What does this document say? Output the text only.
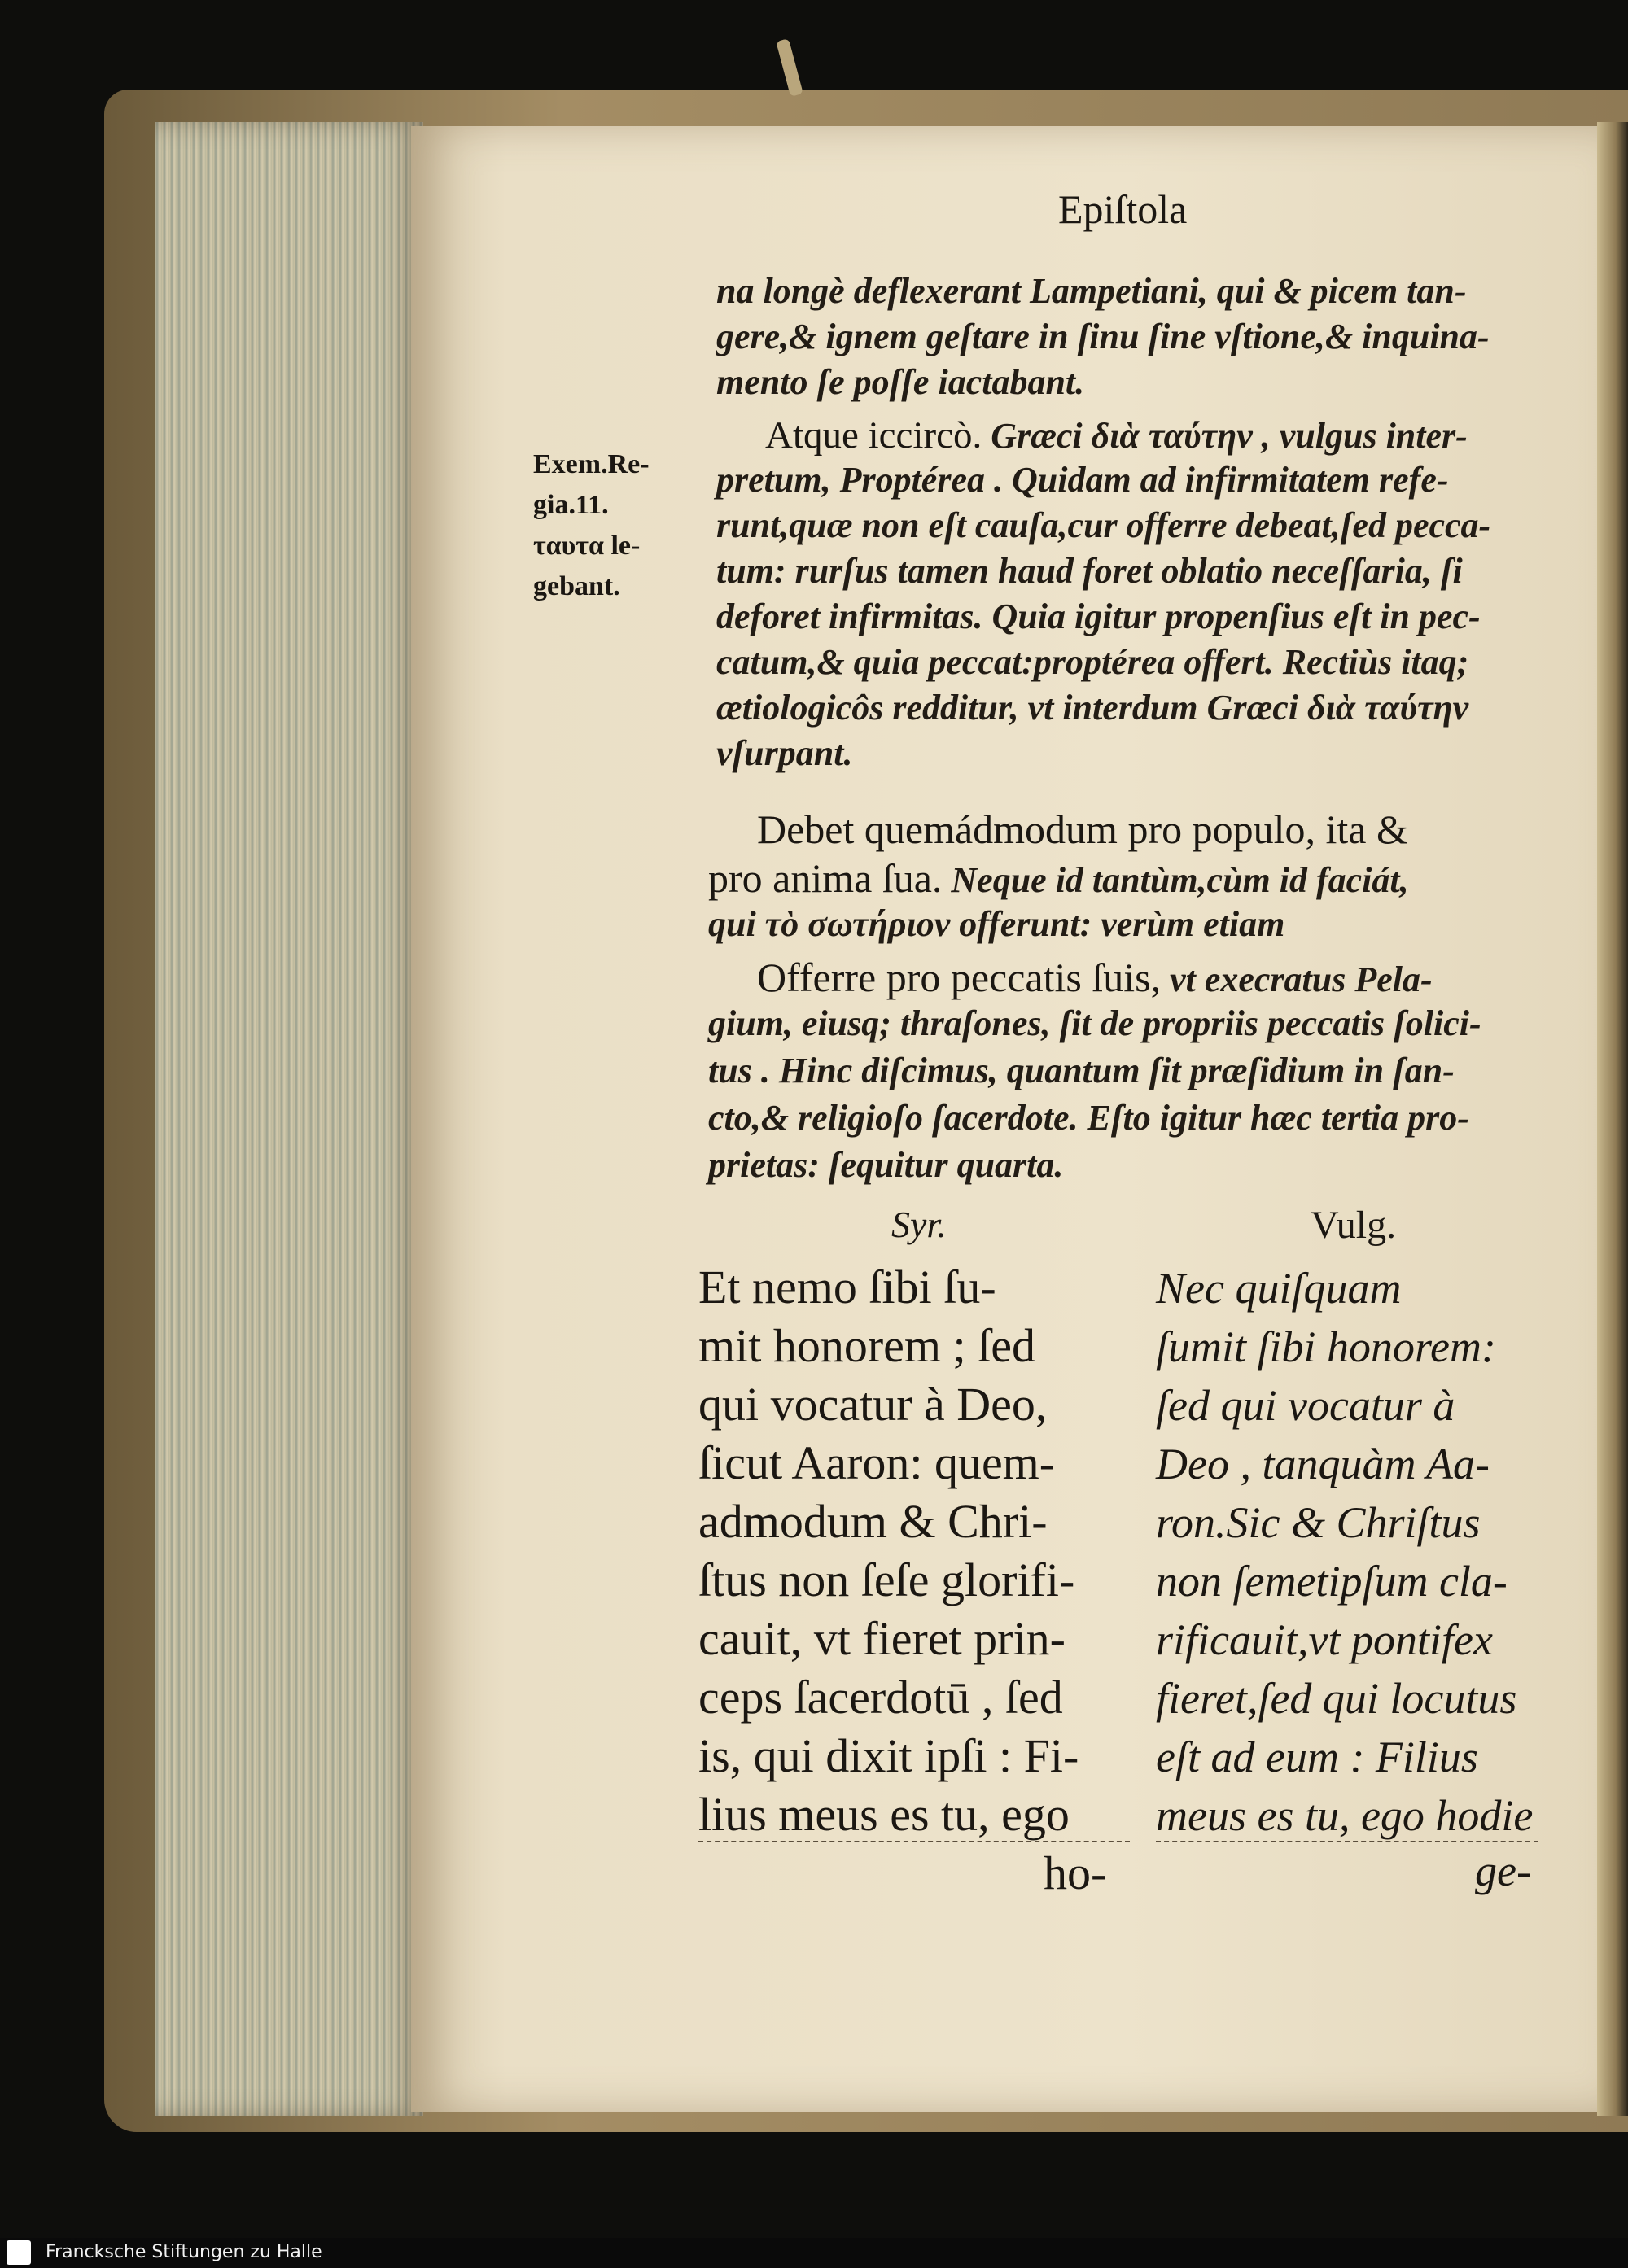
Epiſtola
na longè deflexerant Lampetiani, qui & picem tan-
gere,& ignem geſtare in ſinu ſine vſtione,& inquina-
mento ſe poſſe iactabant.
Atque iccircò. Græci διὰ ταύτην , vulgus inter-
pretum, Proptérea . Quidam ad infirmitatem refe-
runt,quæ non eſt cauſa,cur offerre debeat,ſed pecca-
tum: rurſus tamen haud foret oblatio neceſſaria, ſi
deforet infirmitas. Quia igitur propenſius eſt in pec-
catum,& quia peccat:proptérea offert. Rectiùs itaq;
ætiologicôs redditur, vt interdum Græci διὰ ταύτην
vſurpant.
Exem.Re-
gia.11.
ταυτα le-
gebant.
Debet quemádmodum pro populo, ita &
pro anima ſua. Neque id tantùm,cùm id faciát,
qui τὸ σωτήριον offerunt: verùm etiam
Offerre pro peccatis ſuis, vt execratus Pela-
gium, eiusq; thraſones, ſit de propriis peccatis ſolici-
tus . Hinc diſcimus, quantum ſit præſidium in ſan-
cto,& religioſo ſacerdote. Eſto igitur hæc tertia pro-
prietas: ſequitur quarta.
Syr.	Vulg.
Et nemo ſibi ſu-
mit honorem ; ſed
qui vocatur à Deo,
ſicut Aaron: quem-
admodum & Chri-
ſtus non ſeſe glorifi-
cauit, vt fieret prin-
ceps ſacerdotū , ſed
is, qui dixit ipſi : Fi-
lius meus es tu, ego
Nec quiſquam
ſumit ſibi honorem:
ſed qui vocatur à
Deo , tanquàm Aa-
ron.Sic & Chriſtus
non ſemetipſum cla-
rificauit,vt pontifex
fieret,ſed qui locutus
eſt ad eum : Filius
meus es tu, ego hodie
ho-	ge-
Francksche Stiftungen zu Halle
